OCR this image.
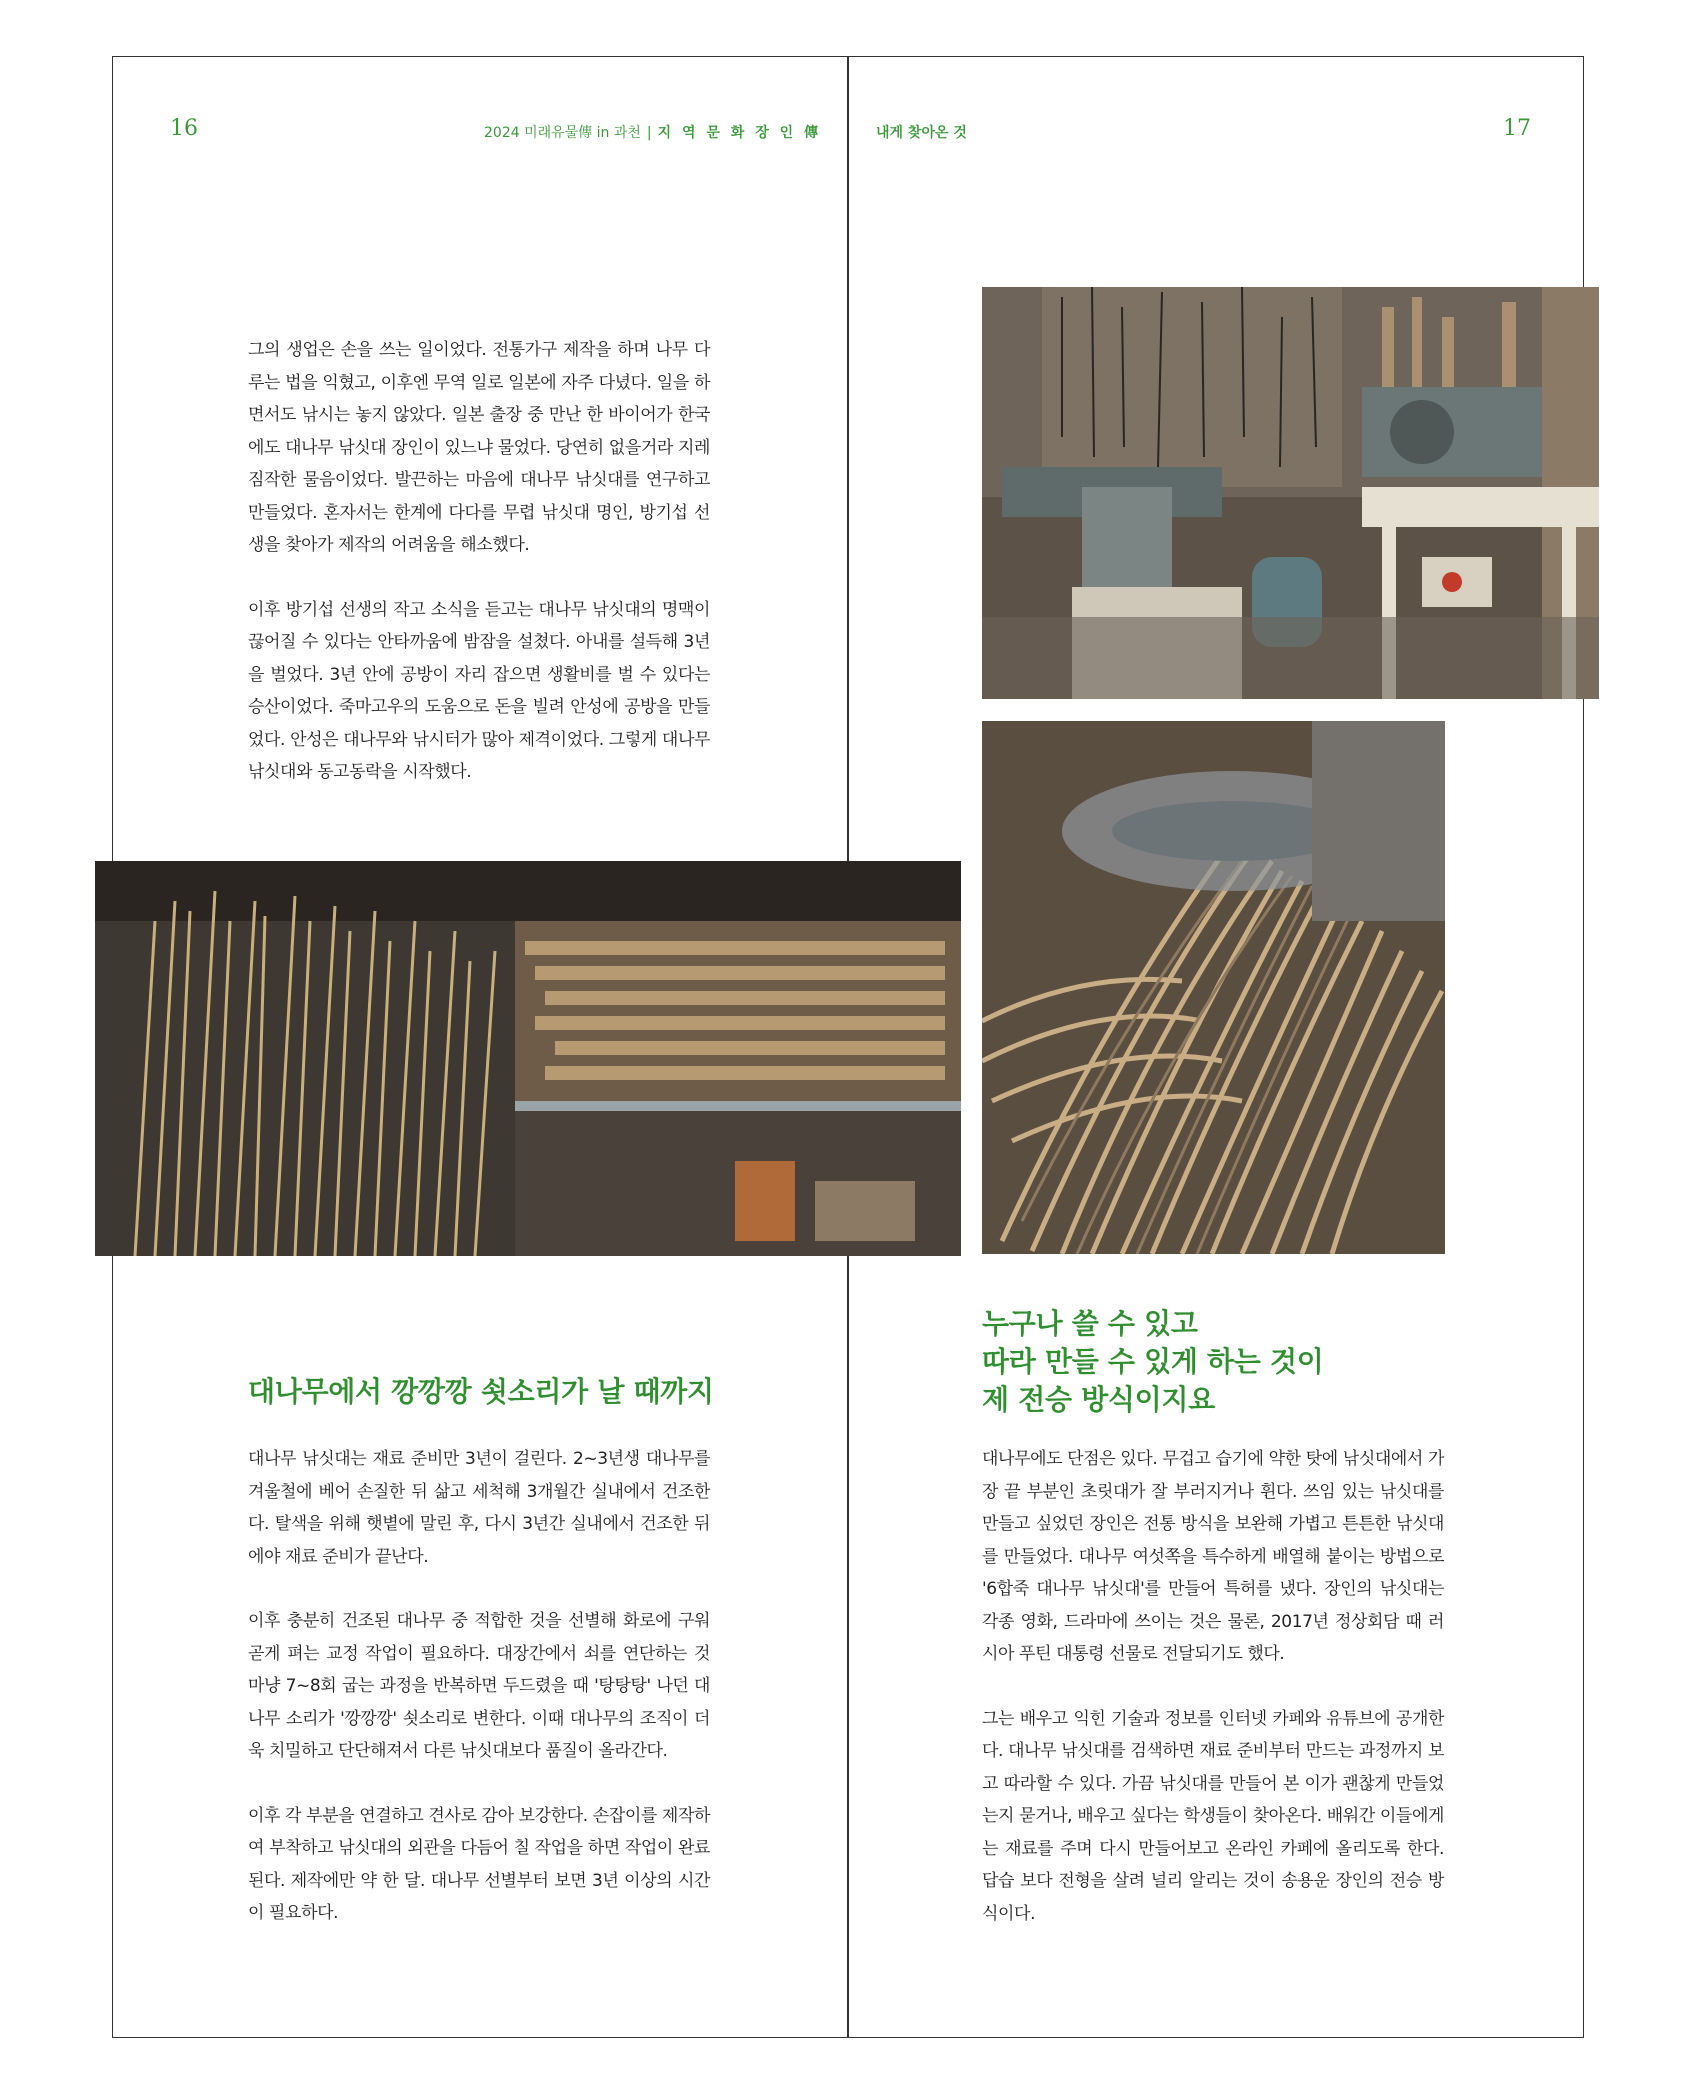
16	2024 미래유물傳 in 과천 | 지 역 문 화 장 인 傳	내게 찾아온 것	17

그의 생업은 손을 쓰는 일이었다. 전통가구 제작을 하며 나무 다루는 법을 익혔고, 이후엔 무역 일로 일본에 자주 다녔다. 일을 하면서도 낚시는 놓지 않았다. 일본 출장 중 만난 한 바이어가 한국에도 대나무 낚싯대 장인이 있느냐 물었다. 당연히 없을거라 지레짐작한 물음이었다. 발끈하는 마음에 대나무 낚싯대를 연구하고 만들었다. 혼자서는 한계에 다다를 무렵 낚싯대 명인, 방기섭 선생을 찾아가 제작의 어려움을 해소했다.

이후 방기섭 선생의 작고 소식을 듣고는 대나무 낚싯대의 명맥이 끊어질 수 있다는 안타까움에 밤잠을 설쳤다. 아내를 설득해 3년을 벌었다. 3년 안에 공방이 자리 잡으면 생활비를 벌 수 있다는 승산이었다. 죽마고우의 도움으로 돈을 빌려 안성에 공방을 만들었다. 안성은 대나무와 낚시터가 많아 제격이었다. 그렇게 대나무 낚싯대와 동고동락을 시작했다.

대나무에서 깡깡깡 쇳소리가 날 때까지

대나무 낚싯대는 재료 준비만 3년이 걸린다. 2~3년생 대나무를 겨울철에 베어 손질한 뒤 삶고 세척해 3개월간 실내에서 건조한다. 탈색을 위해 햇볕에 말린 후, 다시 3년간 실내에서 건조한 뒤에야 재료 준비가 끝난다.

이후 충분히 건조된 대나무 중 적합한 것을 선별해 화로에 구워 곧게 펴는 교정 작업이 필요하다. 대장간에서 쇠를 연단하는 것 마냥 7~8회 굽는 과정을 반복하면 두드렸을 때 '탕탕탕' 나던 대나무 소리가 '깡깡깡' 쇳소리로 변한다. 이때 대나무의 조직이 더욱 치밀하고 단단해져서 다른 낚싯대보다 품질이 올라간다.

이후 각 부분을 연결하고 견사로 감아 보강한다. 손잡이를 제작하여 부착하고 낚싯대의 외관을 다듬어 칠 작업을 하면 작업이 완료된다. 제작에만 약 한 달. 대나무 선별부터 보면 3년 이상의 시간이 필요하다.

누구나 쓸 수 있고
따라 만들 수 있게 하는 것이
제 전승 방식이지요

대나무에도 단점은 있다. 무겁고 습기에 약한 탓에 낚싯대에서 가장 끝 부분인 초릿대가 잘 부러지거나 휜다. 쓰임 있는 낚싯대를 만들고 싶었던 장인은 전통 방식을 보완해 가볍고 튼튼한 낚싯대를 만들었다. 대나무 여섯쪽을 특수하게 배열해 붙이는 방법으로 '6합죽 대나무 낚싯대'를 만들어 특허를 냈다. 장인의 낚싯대는 각종 영화, 드라마에 쓰이는 것은 물론, 2017년 정상회담 때 러시아 푸틴 대통령 선물로 전달되기도 했다.

그는 배우고 익힌 기술과 정보를 인터넷 카페와 유튜브에 공개한다. 대나무 낚싯대를 검색하면 재료 준비부터 만드는 과정까지 보고 따라할 수 있다. 가끔 낚싯대를 만들어 본 이가 괜찮게 만들었는지 묻거나, 배우고 싶다는 학생들이 찾아온다. 배워간 이들에게는 재료를 주며 다시 만들어보고 온라인 카페에 올리도록 한다. 답습 보다 전형을 살려 널리 알리는 것이 송용운 장인의 전승 방식이다.
